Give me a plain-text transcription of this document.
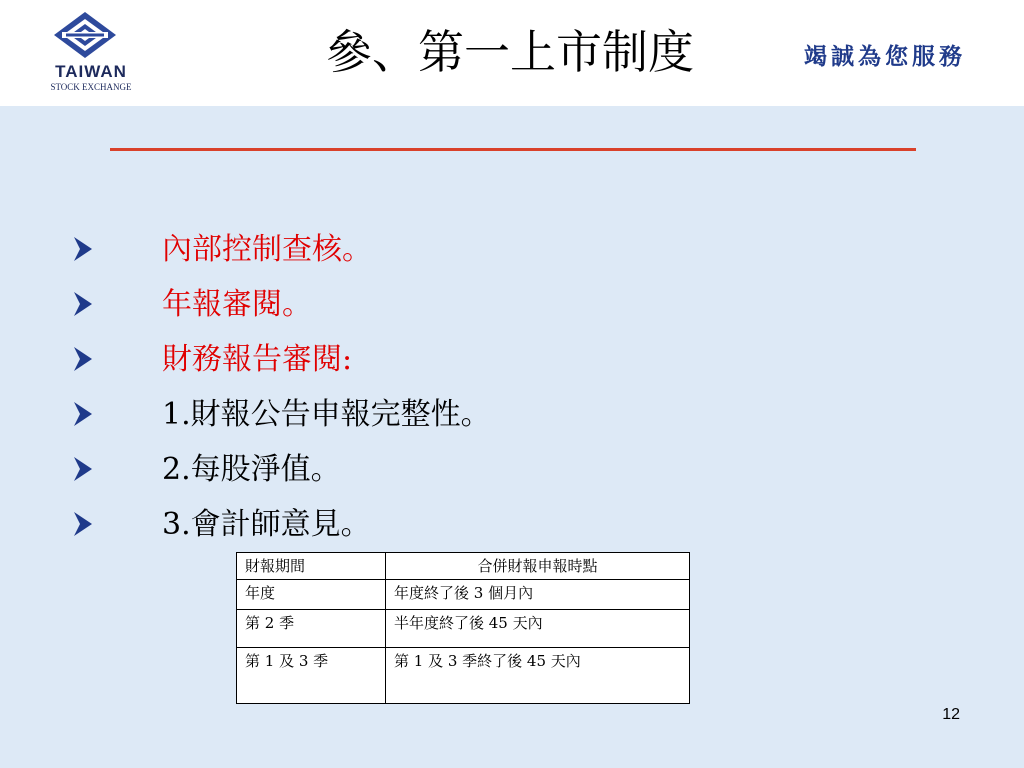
TAIWAN
STOCK EXCHANGE
參、第一上市制度	竭誠為您服務
內部控制查核。
年報審閱。
財務報告審閱:
1.財報公告申報完整性。
2.每股淨值。
3.會計師意見。
財報期間	合併財報申報時點
年度	年度終了後 3 個月內
第 2 季	半年度終了後 45 天內
第 1 及 3 季	第 1 及 3 季終了後 45 天內
12
